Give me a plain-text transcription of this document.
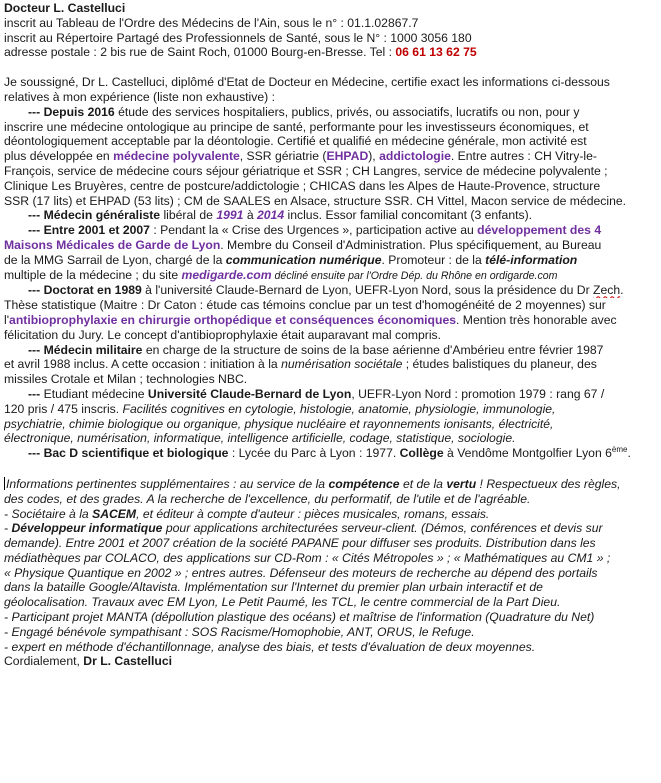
Docteur L. Castelluci
inscrit au Tableau de l'Ordre des Médecins de l'Ain, sous le n° : 01.1.02867.7
inscrit au Répertoire Partagé des Professionnels de Santé, sous le N° : 1000 3056 180
adresse postale : 2 bis rue de Saint Roch, 01000 Bourg-en-Bresse. Tel : 06 61 13 62 75
Je soussigné, Dr L. Castelluci, diplômé d'Etat de Docteur en Médecine, certifie exact les informations ci-dessous
relatives à mon expérience (liste non exhaustive) :
--- Depuis 2016 étude des services hospitaliers, publics, privés, ou associatifs, lucratifs ou non, pour y
inscrire une médecine ontologique au principe de santé, performante pour les investisseurs économiques, et
déontologiquement acceptable par la déontologie. Certifié et qualifié en médecine générale, mon activité est
plus développée en médecine polyvalente, SSR gériatrie (EHPAD), addictologie. Entre autres : CH Vitry-le-
François, service de médecine cours séjour gériatrique et SSR ; CH Langres, service de médecine polyvalente ;
Clinique Les Bruyères, centre de postcure/addictologie ; CHICAS dans les Alpes de Haute-Provence, structure
SSR (17 lits) et EHPAD (53 lits) ; CM de SAALES en Alsace, structure SSR. CH Vittel, Macon service de médecine.
--- Médecin généraliste libéral de 1991 à 2014 inclus. Essor familial concomitant (3 enfants).
--- Entre 2001 et 2007 : Pendant la « Crise des Urgences », participation active au développement des 4
Maisons Médicales de Garde de Lyon. Membre du Conseil d'Administration. Plus spécifiquement, au Bureau
de la MMG Sarrail de Lyon, chargé de la communication numérique. Promoteur : de la télé-information
multiple de la médecine ; du site medigarde.com décliné ensuite par l'Ordre Dép. du Rhône en ordigarde.com
--- Doctorat en 1989 à l'université Claude-Bernard de Lyon, UEFR-Lyon Nord, sous la présidence du Dr Zech.
Thèse statistique (Maitre : Dr Caton : étude cas témoins conclue par un test d'homogénéité de 2 moyennes) sur
l'antibioprophylaxie en chirurgie orthopédique et conséquences économiques. Mention très honorable avec
félicitation du Jury. Le concept d'antibioprophylaxie était auparavant mal compris.
--- Médecin militaire en charge de la structure de soins de la base aérienne d'Ambérieu entre février 1987
et avril 1988 inclus. A cette occasion : initiation à la numérisation sociétale ; études balistiques du planeur, des
missiles Crotale et Milan ; technologies NBC.
--- Etudiant médecine Université Claude-Bernard de Lyon, UEFR-Lyon Nord : promotion 1979 : rang 67 /
120 pris / 475 inscris. Facilités cognitives en cytologie, histologie, anatomie, physiologie, immunologie,
psychiatrie, chimie biologique ou organique, physique nucléaire et rayonnements ionisants, électricité,
électronique, numérisation, informatique, intelligence artificielle, codage, statistique, sociologie.
--- Bac D scientifique et biologique : Lycée du Parc à Lyon : 1977. Collège à Vendôme Montgolfier Lyon 6ème.
Informations pertinentes supplémentaires : au service de la compétence et de la vertu ! Respectueux des règles,
des codes, et des grades. A la recherche de l'excellence, du performatif, de l'utile et de l'agréable.
- Sociétaire à la SACEM, et éditeur à compte d'auteur : pièces musicales, romans, essais.
- Développeur informatique pour applications architecturées serveur-client. (Démos, conférences et devis sur
demande). Entre 2001 et 2007 création de la société PAPANE pour diffuser ses produits. Distribution dans les
médiathèques par COLACO, des applications sur CD-Rom : « Cités Métropoles » ; « Mathématiques au CM1 » ;
« Physique Quantique en 2002 » ; entres autres. Défenseur des moteurs de recherche au dépend des portails
dans la bataille Google/Altavista. Implémentation sur l'Internet du premier plan urbain interactif et de
géolocalisation. Travaux avec EM Lyon, Le Petit Paumé, les TCL, le centre commercial de la Part Dieu.
- Participant projet MANTA (dépollution plastique des océans) et maîtrise de l'information (Quadrature du Net)
- Engagé bénévole sympathisant : SOS Racisme/Homophobie, ANT, ORUS, le Refuge.
- expert en méthode d'échantillonnage, analyse des biais, et tests d'évaluation de deux moyennes.
Cordialement, Dr L. Castelluci
